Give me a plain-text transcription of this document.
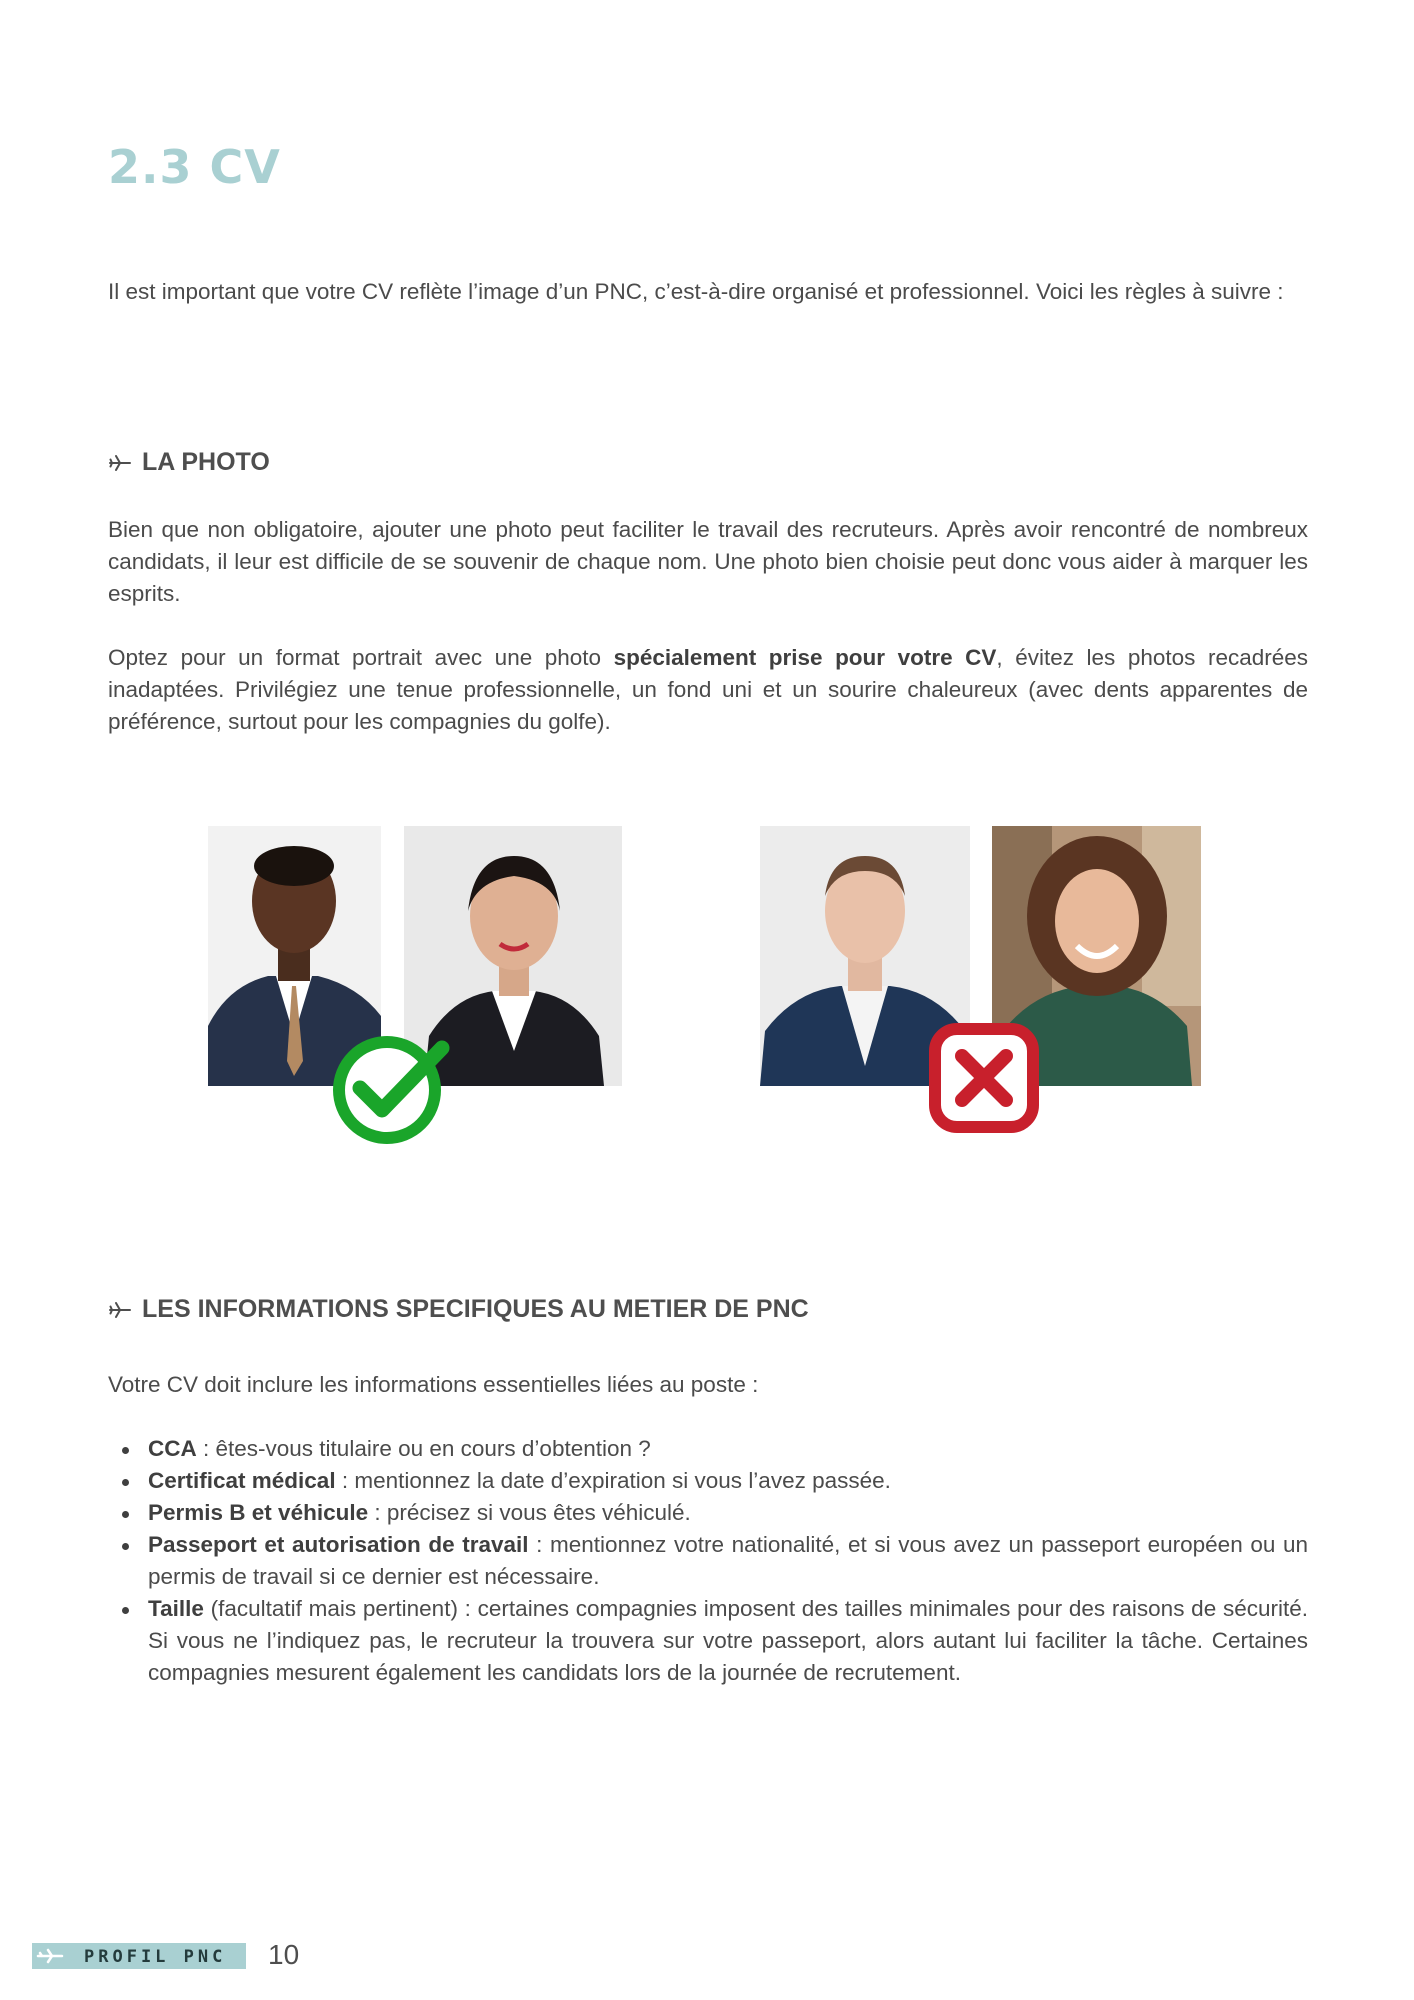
2.3 CV

Il est important que votre CV reflète l’image d’un PNC, c’est-à-dire organisé et professionnel. Voici les règles à suivre :

LA PHOTO

Bien que non obligatoire, ajouter une photo peut faciliter le travail des recruteurs. Après avoir rencontré de nombreux candidats, il leur est difficile de se souvenir de chaque nom. Une photo bien choisie peut donc vous aider à marquer les esprits.

Optez pour un format portrait avec une photo spécialement prise pour votre CV, évitez les photos recadrées inadaptées. Privilégiez une tenue professionnelle, un fond uni et un sourire chaleureux (avec dents apparentes de préférence, surtout pour les compagnies du golfe).

LES INFORMATIONS SPECIFIQUES AU METIER DE PNC

Votre CV doit inclure les informations essentielles liées au poste :

CCA : êtes-vous titulaire ou en cours d’obtention ?
Certificat médical : mentionnez la date d’expiration si vous l’avez passée.
Permis B et véhicule : précisez si vous êtes véhiculé.
Passeport et autorisation de travail : mentionnez votre nationalité, et si vous avez un passeport européen ou un permis de travail si ce dernier est nécessaire.
Taille (facultatif mais pertinent) : certaines compagnies imposent des tailles minimales pour des raisons de sécurité. Si vous ne l’indiquez pas, le recruteur la trouvera sur votre passeport, alors autant lui faciliter la tâche. Certaines compagnies mesurent également les candidats lors de la journée de recrutement.
PROFIL PNC 10
